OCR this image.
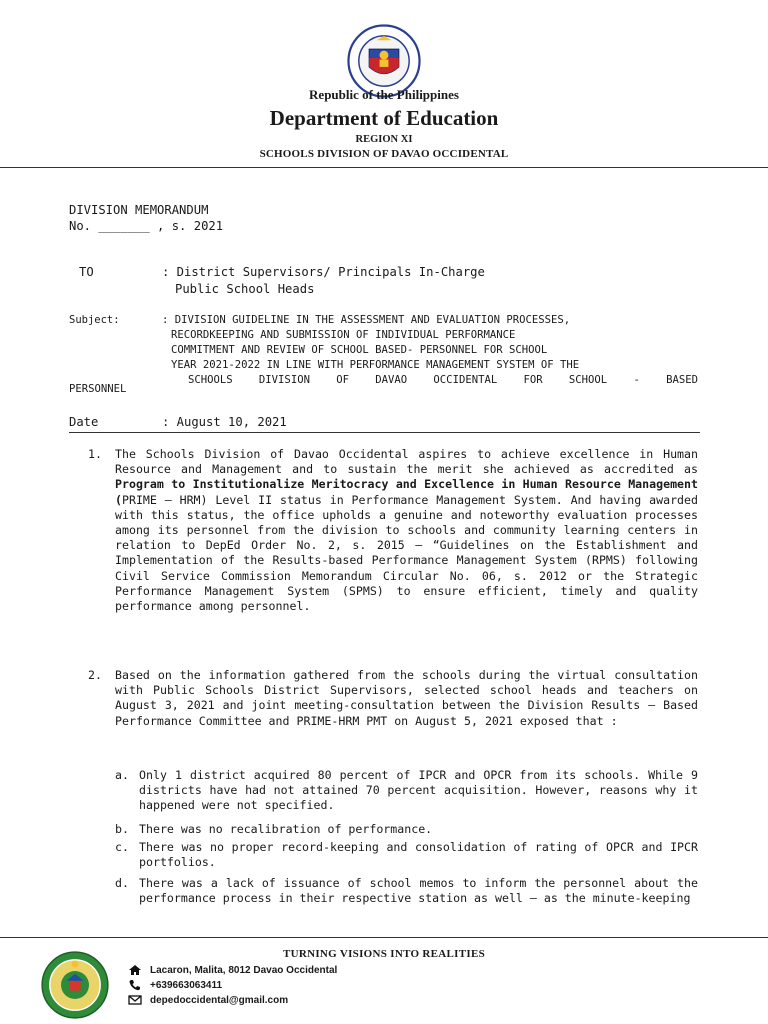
Republic of the Philippines
Department of Education
REGION XI
SCHOOLS DIVISION OF DAVAO OCCIDENTAL
DIVISION MEMORANDUM
No. _______ , s. 2021
TO	: District Supervisors/ Principals In-Charge
Public School Heads
Subject:	: DIVISION GUIDELINE IN THE ASSESSMENT AND EVALUATION PROCESSES,
RECORDKEEPING AND SUBMISSION OF INDIVIDUAL PERFORMANCE
COMMITMENT AND REVIEW OF SCHOOL BASED- PERSONNEL FOR SCHOOL
YEAR 2021-2022 IN LINE WITH PERFORMANCE MANAGEMENT SYSTEM OF THE
SCHOOLS DIVISION OF DAVAO OCCIDENTAL FOR SCHOOL - BASED
PERSONNEL
Date	: August 10, 2021
1. The Schools Division of Davao Occidental aspires to achieve excellence in Human Resource and Management and to sustain the merit she achieved as accredited as Program to Institutionalize Meritocracy and Excellence in Human Resource Management (PRIME – HRM) Level II status in Performance Management System. And having awarded with this status, the office upholds a genuine and noteworthy evaluation processes among its personnel from the division to schools and community learning centers in relation to DepEd Order No. 2, s. 2015 — “Guidelines on the Establishment and Implementation of the Results-based Performance Management System (RPMS) following Civil Service Commission Memorandum Circular No. 06, s. 2012 or the Strategic Performance Management System (SPMS) to ensure efficient, timely and quality performance among personnel.
2. Based on the information gathered from the schools during the virtual consultation with Public Schools District Supervisors, selected school heads and teachers on August 3, 2021 and joint meeting-consultation between the Division Results – Based Performance Committee and PRIME-HRM PMT on August 5, 2021 exposed that :
a. Only 1 district acquired 80 percent of IPCR and OPCR from its schools. While 9 districts have had not attained 70 percent acquisition. However, reasons why it happened were not specified.
b. There was no recalibration of performance.
c. There was no proper record-keeping and consolidation of rating of OPCR and IPCR portfolios.
d. There was a lack of issuance of school memos to inform the personnel about the performance process in their respective station as well – as the minute-keeping
TURNING VISIONS INTO REALITIES
Lacaron, Malita, 8012 Davao Occidental
+639663063411
depedoccidental@gmail.com
